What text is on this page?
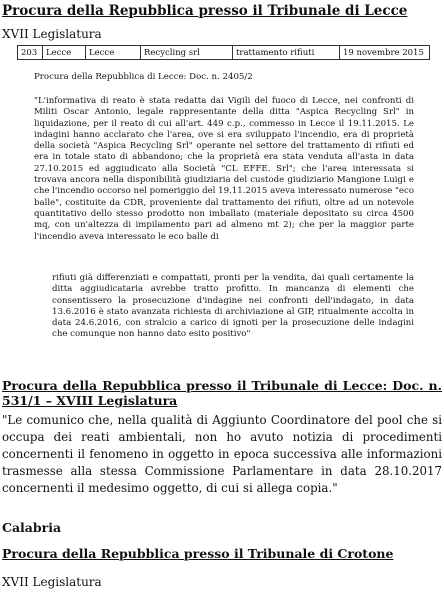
Procura della Repubblica presso il Tribunale di Lecce
XVII Legislatura
203	Lecce	Lecce	Recycling srl	trattamento rifiuti	19 novembre 2015
Procura della Repubblica di Lecce: Doc. n. 2405/2
"L'informativa di reato è stata redatta dai Vigili del fuoco di Lecce, nei confronti di Militi Oscar Antonio, legale rappresentante della ditta "Aspica Recycling Srl" in liquidazione, per il reato di cui all'art. 449 c.p., commesso in Lecce il 19.11.2015. Le indagini hanno acclarato che l'area, ove si era sviluppato l'incendio, era di proprietà della società "Aspica Recycling Srl" operante nel settore del trattamento di rifiuti ed era in totale stato di abbandono; che la proprietà era stata venduta all'asta in data 27.10.2015 ed aggiudicato alla Società "CL EFFE. Srl"; che l'area interessata si trovava ancora nella disponibilità giudiziaria del custode giudiziario Mangione Luigi e che l'incendio occorso nel pomeriggio del 19.11.2015 aveva interessato numerose "eco balle", costituite da CDR, proveniente dal trattamento dei rifiuti, oltre ad un notevole quantitativo dello stesso prodotto non imballato (materiale depositato su circa 4500 mq, con un'altezza di impilamento pari ad almeno mt 2); che per la maggior parte l'incendio aveva interessato le eco balle di
rifiuti già differenziati e compattati, pronti per la vendita, dai quali certamente la ditta aggiudicataria avrebbe tratto profitto. In mancanza di elementi che consentissero la prosecuzione d'indagine nei confronti dell'indagato, in data 13.6.2016 è stato avanzata richiesta di archiviazione al GIP, ritualmente accolta in data 24.6.2016, con stralcio a carico di ignoti per la prosecuzione delle indagini che comunque non hanno dato esito positivo"
Procura della Repubblica presso il Tribunale di Lecce: Doc. n. 531/1 – XVIII Legislatura
"Le comunico che, nella qualità di Aggiunto Coordinatore del pool che si occupa dei reati ambientali, non ho avuto notizia di procedimenti concernenti il fenomeno in oggetto in epoca successiva alle informazioni trasmesse alla stessa Commissione Parlamentare in data 28.10.2017 concernenti il medesimo oggetto, di cui si allega copia."
Calabria
Procura della Repubblica presso il Tribunale di Crotone
XVII Legislatura
